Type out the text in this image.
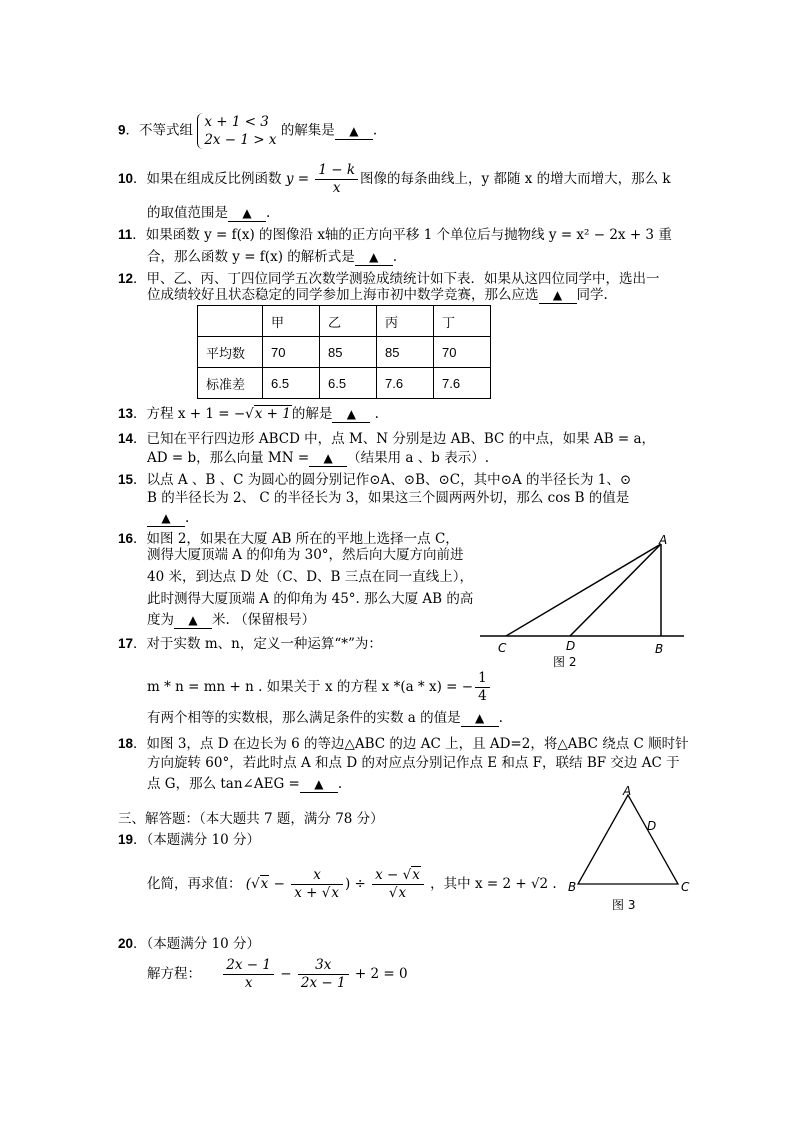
9．不等式组 x + 1 < 3
2x − 1 > x 的解集是 ▲ .
10．如果在组成反比例函数 $y = \frac{1 - k}{x}$ 图像的每条曲线上，y 都随 x 的增大而增大，那么 k
的取值范围是 ▲ .
11．如果函数 y = f(x) 的图像沿 x轴的正方向平移 1 个单位后与抛物线 y = x² − 2x + 3 重
合，那么函数 y = f(x) 的解析式是 ▲ .
12．甲、乙、丙、丁四位同学五次数学测验成绩统计如下表．如果从这四位同学中，选出一
位成绩较好且状态稳定的同学参加上海市初中数学竞赛，那么应选 ▲ 同学.
	甲	乙	丙	丁
平均数	70	85	85	70
标准差	6.5	6.5	7.6	7.6
13．方程 x + 1 = −√x + 1的解是 ▲ .
14．已知在平行四边形 ABCD 中，点 M、N 分别是边 AB、BC 的中点，如果 AB = a，
AD = b，那么向量 MN = ▲ （结果用 a 、b 表示）.
15．以点 A 、B 、C 为圆心的圆分别记作⊙A、⊙B、⊙C，其中⊙A 的半径长为 1、⊙
B 的半径长为 2、 C 的半径长为 3，如果这三个圆两两外切，那么 cos B 的值是
▲ .
16．如图 2，如果在大厦 AB 所在的平地上选择一点 C，
测得大厦顶端 A 的仰角为 30°，然后向大厦方向前进
40 米，到达点 D 处（C、D、B 三点在同一直线上），
此时测得大厦顶端 A 的仰角为 45°. 那么大厦 AB 的高
度为 ▲ 米. （保留根号）
A
C	D	B
图 2
17．对于实数 m、n，定义一种运算“*”为：
m * n = mn + n . 如果关于 x 的方程 x *(a * x) = − $\frac{1}{4}$
有两个相等的实数根，那么满足条件的实数 a 的值是 ▲ .
18．如图 3，点 D 在边长为 6 的等边△ABC 的边 AC 上，且 AD=2，将△ABC 绕点 C 顺时针
方向旋转 60°，若此时点 A 和点 D 的对应点分别记作点 E 和点 F，联结 BF 交边 AC 于
点 G，那么 tan∠AEG = ▲ .
三、解答题：（本大题共 7 题，满分 78 分）
A
D
B	C
图 3
19．（本题满分 10 分）
化简，再求值： ($√x - \frac{x}{x + √x}$ ) ÷ $\frac{x - √x}{√x}$ ，其中 x = 2 + √2 .
20．（本题满分 10 分）
解方程： $\frac{2x - 1}{x} - \frac{3x}{2x - 1} + 2 = 0$
